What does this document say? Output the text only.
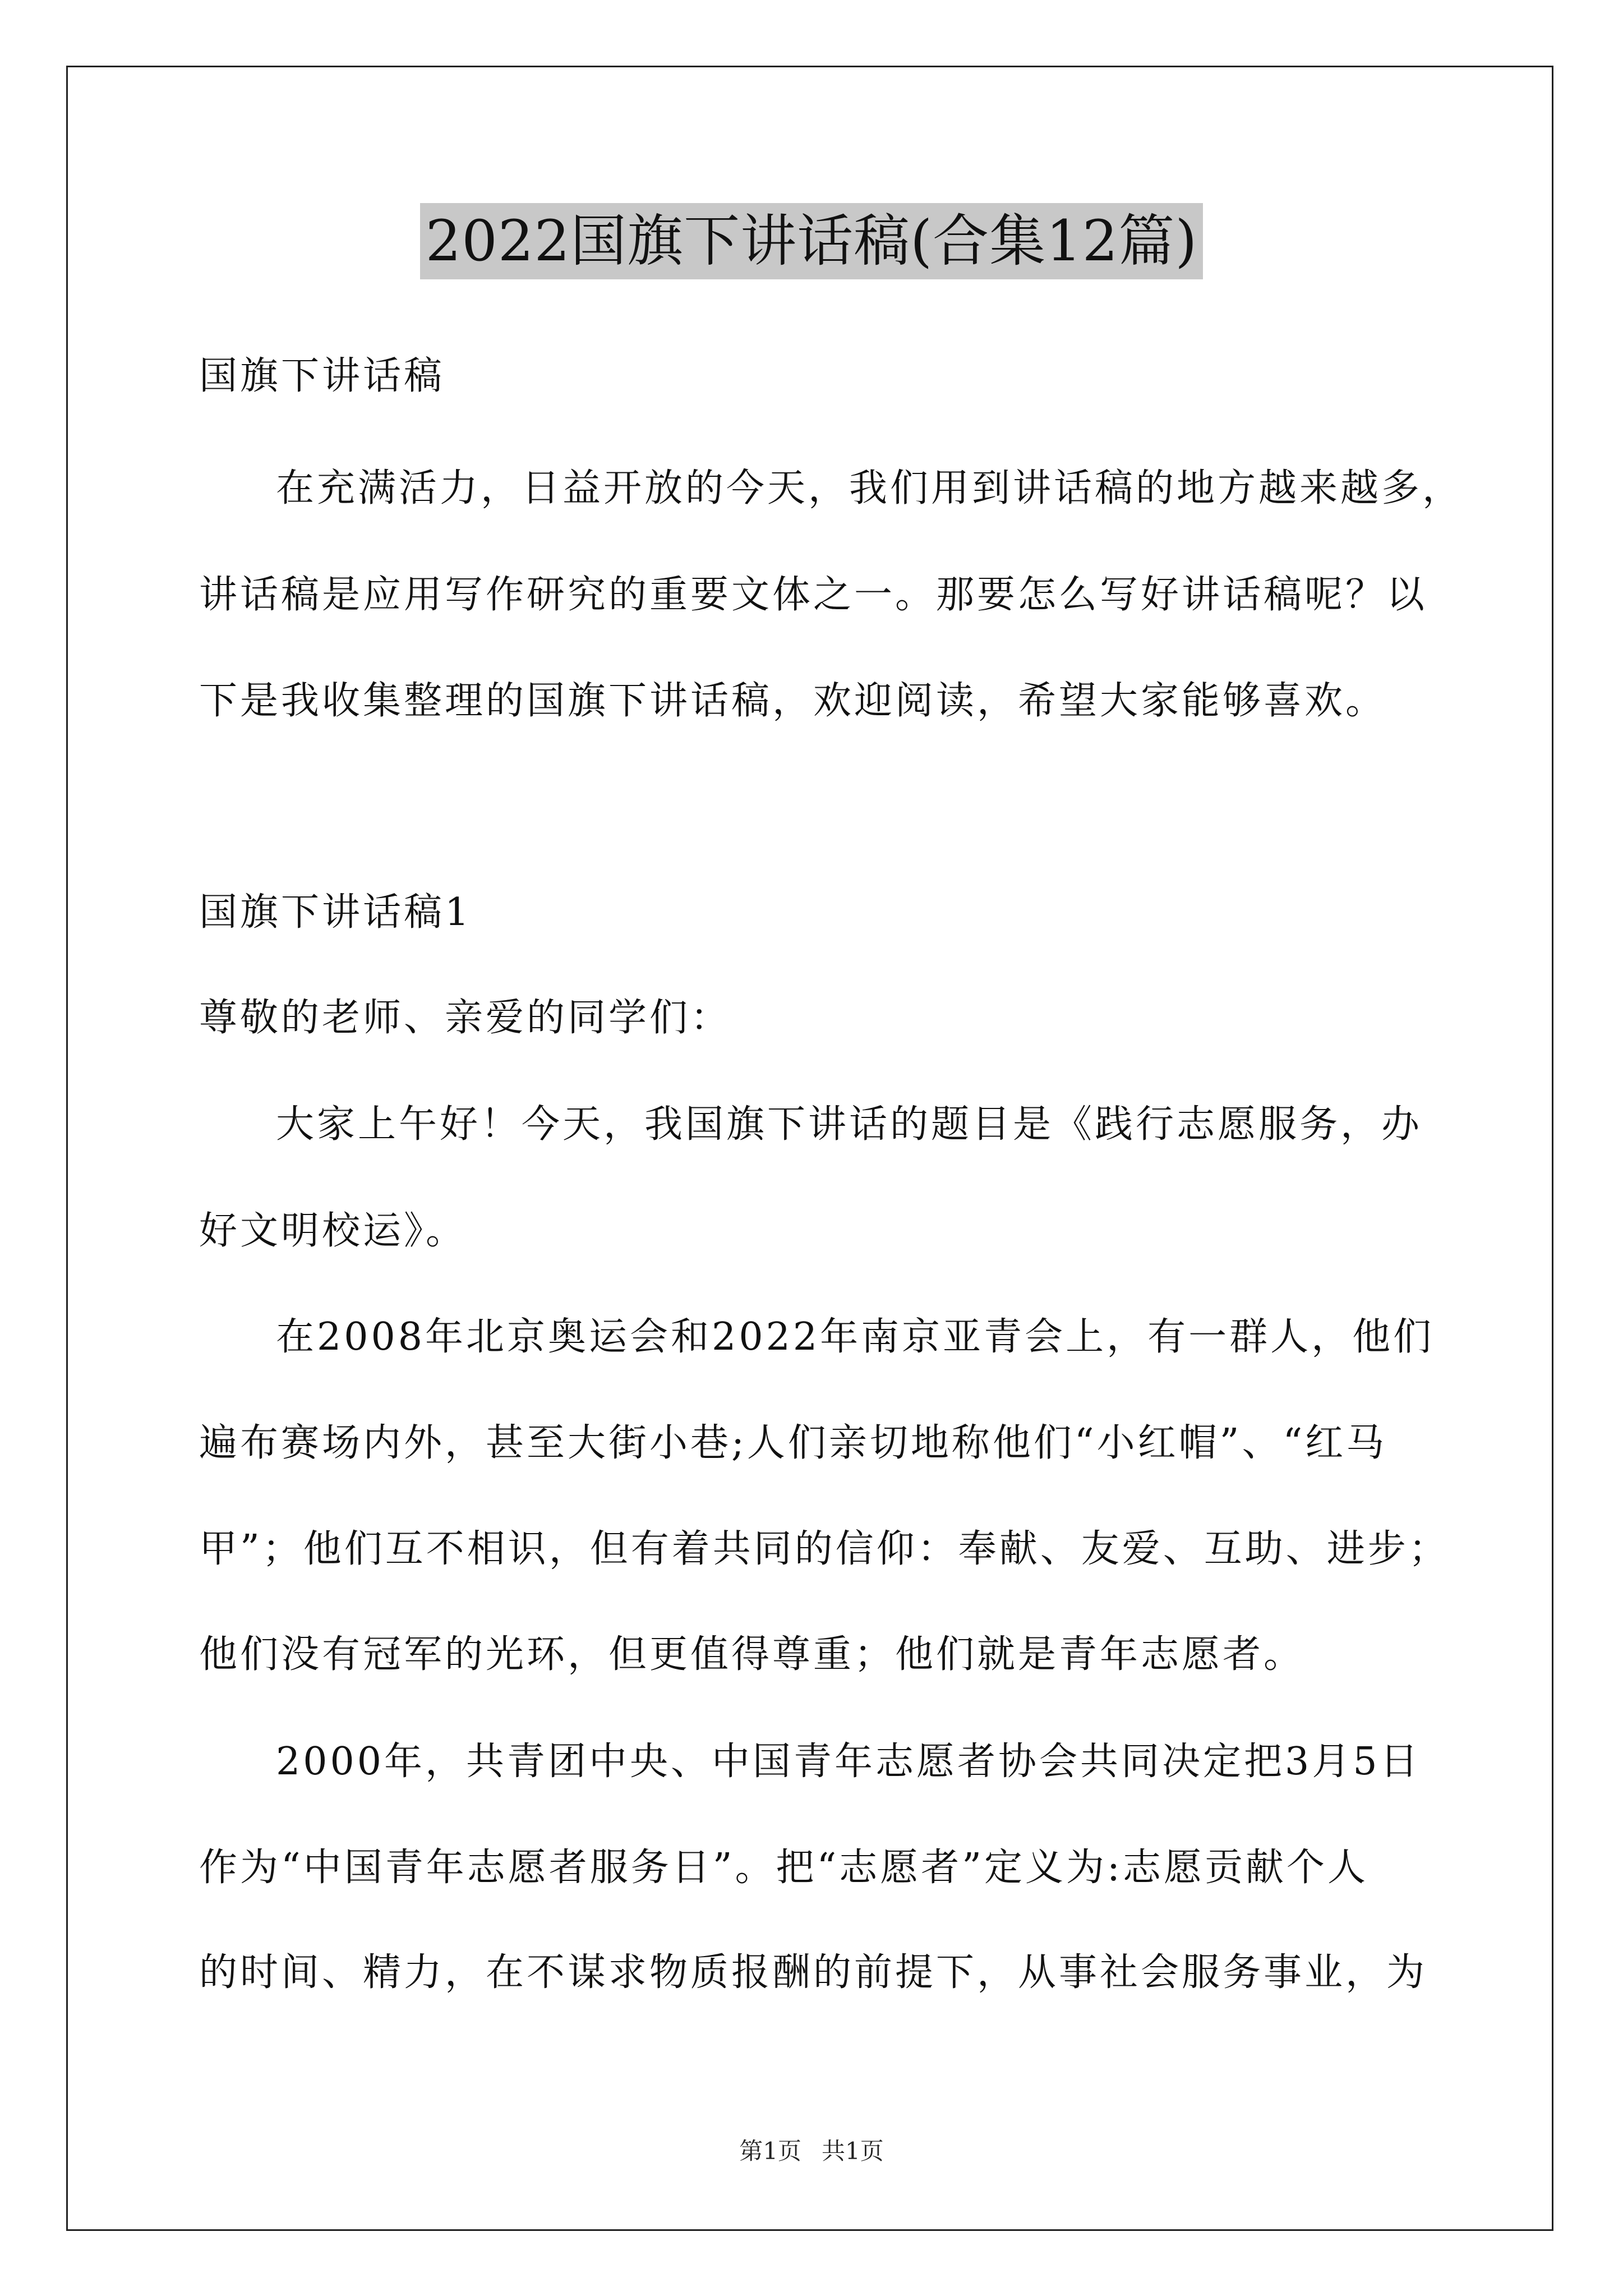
2022国旗下讲话稿(合集12篇)
国旗下讲话稿
在充满活力，日益开放的今天，我们用到讲话稿的地方越来越多，
讲话稿是应用写作研究的重要文体之一。那要怎么写好讲话稿呢？以
下是我收集整理的国旗下讲话稿，欢迎阅读，希望大家能够喜欢。
国旗下讲话稿1
尊敬的老师、亲爱的同学们：
大家上午好！今天，我国旗下讲话的题目是《践行志愿服务，办
好文明校运》。
在2008年北京奥运会和2022年南京亚青会上，有一群人，他们
遍布赛场内外，甚至大街小巷;人们亲切地称他们“小红帽”、“红马
甲”；他们互不相识，但有着共同的信仰：奉献、友爱、互助、进步；
他们没有冠军的光环，但更值得尊重；他们就是青年志愿者。
2000年，共青团中央、中国青年志愿者协会共同决定把3月5日
作为“中国青年志愿者服务日”。把“志愿者”定义为:志愿贡献个人
的时间、精力，在不谋求物质报酬的前提下，从事社会服务事业，为
第1页 共1页
